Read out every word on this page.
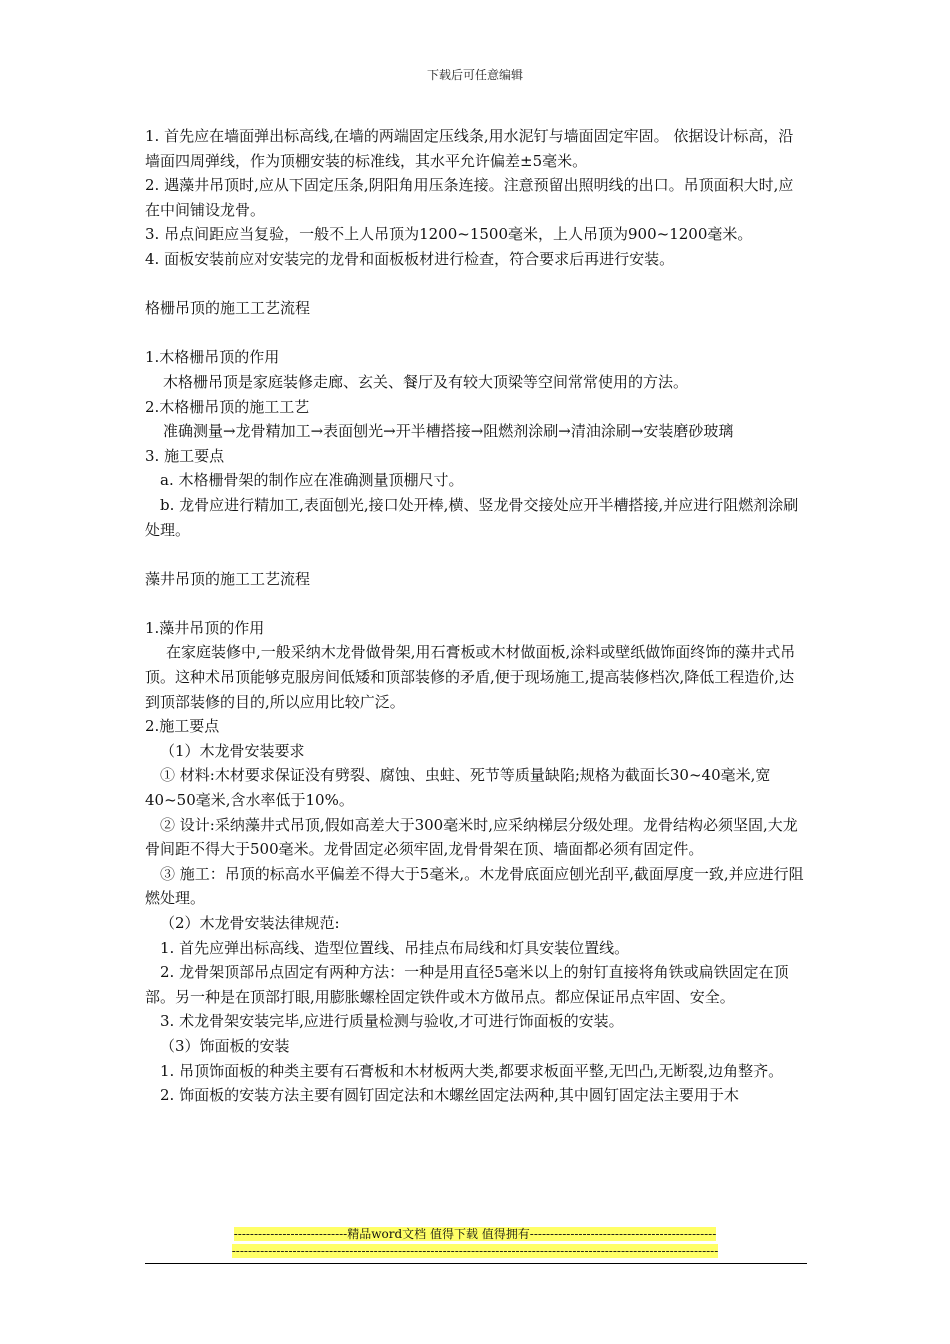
下载后可任意编辑

1. 首先应在墙面弹出标高线,在墙的两端固定压线条,用水泥钉与墙面固定牢固。 依据设计标高，沿墙面四周弹线，作为顶棚安装的标准线，其水平允许偏差±5毫米。

2. 遇藻井吊顶时,应从下固定压条,阴阳角用压条连接。注意预留出照明线的出口。吊顶面积大时,应在中间铺设龙骨。

3. 吊点间距应当复验，一般不上人吊顶为1200~1500毫米，上人吊顶为900~1200毫米。

4. 面板安装前应对安装完的龙骨和面板板材进行检查，符合要求后再进行安装。

格栅吊顶的施工工艺流程

1.木格栅吊顶的作用

木格栅吊顶是家庭装修走廊、玄关、餐厅及有较大顶梁等空间常常使用的方法。

2.木格栅吊顶的施工工艺

准确测量→龙骨精加工→表面刨光→开半槽搭接→阻燃剂涂刷→清油涂刷→安装磨砂玻璃

3. 施工要点

a. 木格栅骨架的制作应在准确测量顶棚尺寸。

b. 龙骨应进行精加工,表面刨光,接口处开棒,横、竖龙骨交接处应开半槽搭接,并应进行阻燃剂涂刷处理。

藻井吊顶的施工工艺流程

1.藻井吊顶的作用

在家庭装修中,一般采纳木龙骨做骨架,用石膏板或木材做面板,涂料或壁纸做饰面终饰的藻井式吊顶。这种术吊顶能够克服房间低矮和顶部装修的矛盾,便于现场施工,提高装修档次,降低工程造价,达到顶部装修的目的,所以应用比较广泛。

2.施工要点

（1）木龙骨安装要求

① 材料:木材要求保证没有劈裂、腐蚀、虫蛀、死节等质量缺陷;规格为截面长30~40毫米,宽40~50毫米,含水率低于10%。

② 设计:采纳藻井式吊顶,假如高差大于300毫米时,应采纳梯层分级处理。龙骨结构必须坚固,大龙骨间距不得大于500毫米。龙骨固定必须牢固,龙骨骨架在顶、墙面都必须有固定件。

③ 施工：吊顶的标高水平偏差不得大于5毫米,。木龙骨底面应刨光刮平,截面厚度一致,并应进行阻燃处理。

（2）木龙骨安装法律规范:

1. 首先应弹出标高线、造型位置线、吊挂点布局线和灯具安装位置线。

2. 龙骨架顶部吊点固定有两种方法：一种是用直径5毫米以上的射钉直接将角铁或扁铁固定在顶部。另一种是在顶部打眼,用膨胀螺栓固定铁件或木方做吊点。都应保证吊点牢固、安全。

3. 术龙骨架安装完毕,应进行质量检测与验收,才可进行饰面板的安装。

（3）饰面板的安装

1. 吊顶饰面板的种类主要有石膏板和木材板两大类,都要求板面平整,无凹凸,无断裂,边角整齐。

2. 饰面板的安装方法主要有圆钉固定法和木螺丝固定法两种,其中圆钉固定法主要用于木

----------------------------精品word文档 值得下载 值得拥有----------------------------------------------
------------------------------------------------------------------------------------------------------------------------
